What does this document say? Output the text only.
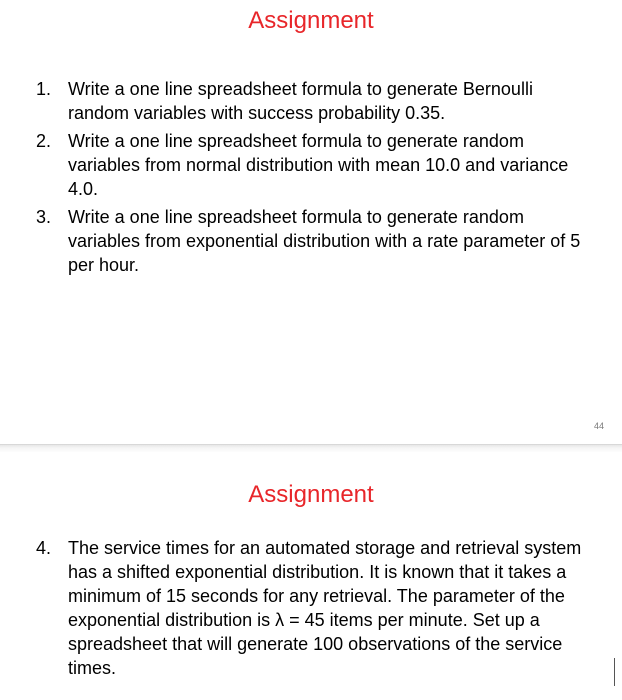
Assignment
1. Write a one line spreadsheet formula to generate Bernoulli random variables with success probability 0.35.
2. Write a one line spreadsheet formula to generate random variables from normal distribution with mean 10.0 and variance 4.0.
3. Write a one line spreadsheet formula to generate random variables from exponential distribution with a rate parameter of 5 per hour.
44
Assignment
4. The service times for an automated storage and retrieval system has a shifted exponential distribution. It is known that it takes a minimum of 15 seconds for any retrieval. The parameter of the exponential distribution is λ = 45 items per minute. Set up a spreadsheet that will generate 100 observations of the service times.
